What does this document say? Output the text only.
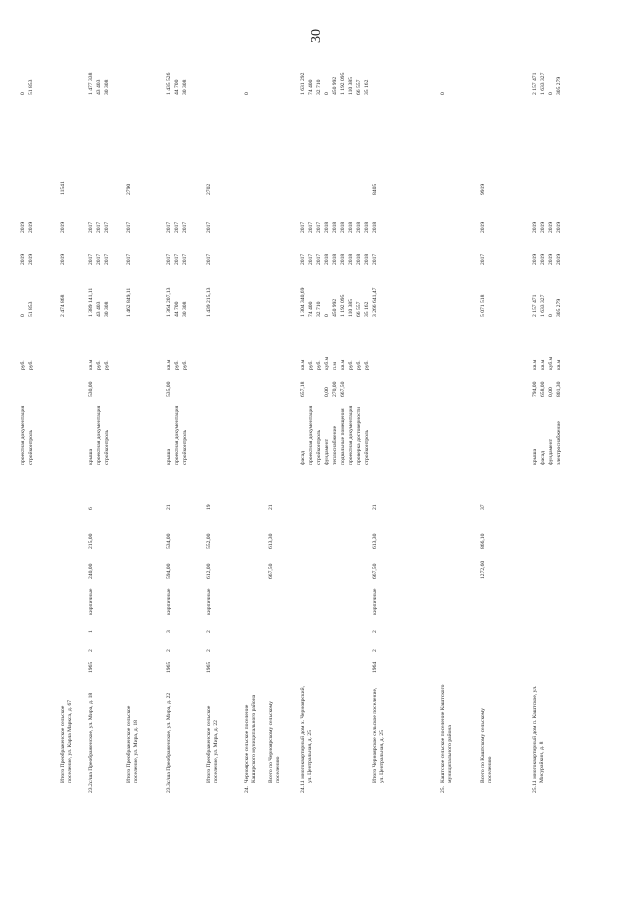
30
проектная документация
руб.
0
2019
2019
0
стройконтроль
руб.
51 853
2019
2019
51 853
Итого Преображенское сельское поселение, ул. Карла Маркса, д. 67
2 474 868
2019
2019
11541
23.2.
с/ша Преображенское, ул. Мира, д. 18
1965
2
1
кирпичные
240,00
215,00
6
крыша
530,00
кв.м
1 389 141,11
2017
2017
1 477 338
проектная документация
руб.
43 403
2017
2017
43 403
стройконтроль
руб.
30 308
2017
2017
30 308
Итого Преображенское сельское поселение, ул. Мира, д. 18
1 462 849,11
2017
2017
2790
23.3.
с/ша Преображенское, ул. Мира, д. 22
1965
2
3
кирпичные
594,00
534,00
21
крыша
535,00
кв.м
1 364 207,13
2017
2017
1 435 526
проектная документация
руб.
44 700
2017
2017
44 700
стройконтроль
руб.
30 308
2017
2017
30 308
Итого Преображенское сельское поселение, ул. Мира, д. 22
1965
2
2
кирпичные
612,00
552,00
19
1 439 215,13
2017
2017
2702
24.
Черноярское сельское поселение Каширского муниципального района
0
Всего по Черноярскому сельскому поселению
667,50
613,30
21
24.1.
1 многоквартирный дом х. Черноярский, ул. Центральная, д. 25
фасад
657,18
кв.м
1 304 340,69
2017
2017
1 631 292
проектная документация
руб.
74 400
2017
2017
74 400
стройконтроль
руб.
32 710
2017
2017
32 710
фундамент
0,00
куб.м
0
2018
2018
0
теплоснабжение
270,00
п.м
450 992
2018
2018
450 992
подвальные помещения
667,50
кв.м
1 192 095
2018
2018
1 192 095
проектная документация
руб.
110 385
2018
2018
110 385
проверка достоверности
руб.
66 557
2018
2018
66 557
стройконтроль
руб.
35 162
2018
2018
35 162
Итого Черноярское сельское поселение, ул. Центральная, д. 25
1964
2
2
кирпичные
667,50
613,30
21
3 266 641,47
2017
2018
8405
25.
Каштское сельское поселение Каштского муниципального района
0
Всего по Каштскому сельскому поселению
1272,60
866,10
37
5 071 518
2017
2019
9919
25.1.
1 многоквартирный дом п. Каштское, ул. Мисурайкин, д. 8
крыша
794,00
кв.м
2 157 471
2019
2019
2 157 471
фасад
658,00
кв.м
1 633 327
2019
2019
1 633 327
фундамент
0,00
куб.м
0
2019
2019
0
электроснабжение
801,30
кв.м
305 279
2019
2019
305 279
